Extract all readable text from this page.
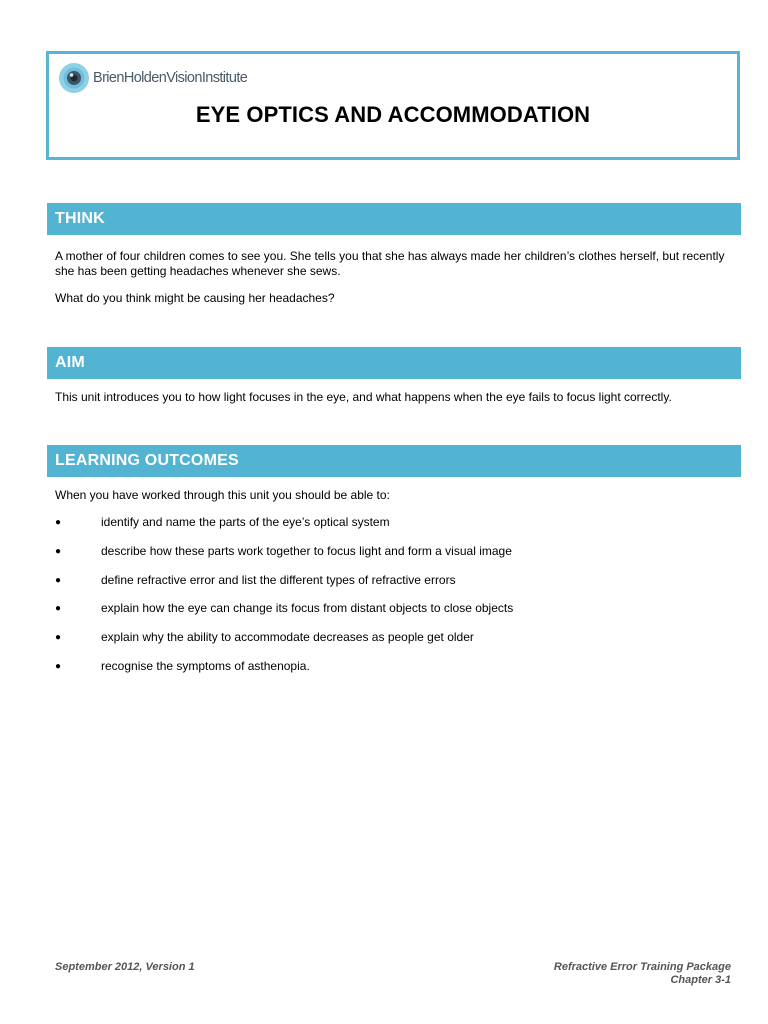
BrienHoldenVisionInstitute
EYE OPTICS AND ACCOMMODATION
THINK

A mother of four children comes to see you. She tells you that she has always made her children’s clothes herself, but recently she has been getting headaches whenever she sews.

What do you think might be causing her headaches?

AIM

This unit introduces you to how light focuses in the eye, and what happens when the eye fails to focus light correctly.

LEARNING OUTCOMES

When you have worked through this unit you should be able to:

●	identify and name the parts of the eye’s optical system
●	describe how these parts work together to focus light and form a visual image
●	define refractive error and list the different types of refractive errors
●	explain how the eye can change its focus from distant objects to close objects
●	explain why the ability to accommodate decreases as people get older
●	recognise the symptoms of asthenopia.
September 2012, Version 1	Refractive Error Training Package
Chapter 3-1
